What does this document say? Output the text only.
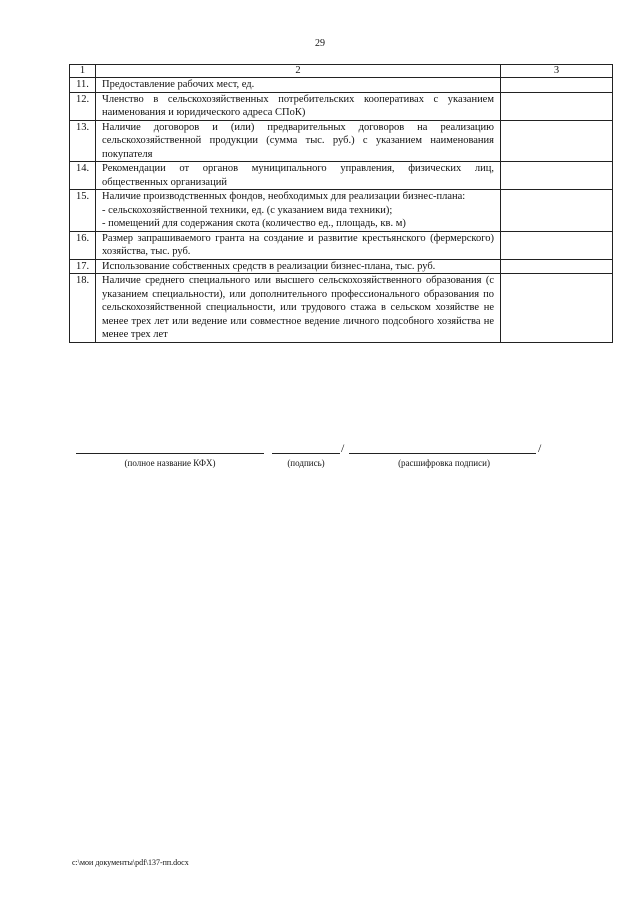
29
1	2	3
11.	Предоставление рабочих мест, ед.	
12.	Членство в сельскохозяйственных потребительских кооперативах с указанием наименования и юридического адреса СПоК)	
13.	Наличие договоров и (или) предварительных договоров на реализацию сельскохозяйственной продукции (сумма тыс. руб.) с указанием наименования покупателя	
14.	Рекомендации от органов муниципального управления, физических лиц, общественных организаций	
15.	Наличие производственных фондов, необходимых для реализации бизнес-плана:
- сельскохозяйственной техники, ед. (с указанием вида техники);
- помещений для содержания скота (количество ед., площадь, кв. м)	

16.	Размер запрашиваемого гранта на создание и развитие крестьянского (фермерского) хозяйства, тыс. руб.	
17.	Использование собственных средств в реализации бизнес-плана, тыс. руб.	
18.	Наличие среднего специального или высшего сельскохозяйственного образования (с указанием специальности), или дополнительного профессионального образования по сельскохозяйственной специальности, или трудового стажа в сельском хозяйстве не менее трех лет или ведение или совместное ведение личного подсобного хозяйства не менее трех лет	
/	/
(полное название КФХ)	(подпись)	(расшифровка подписи)
c:\мои документы\pdf\137-пп.docx
